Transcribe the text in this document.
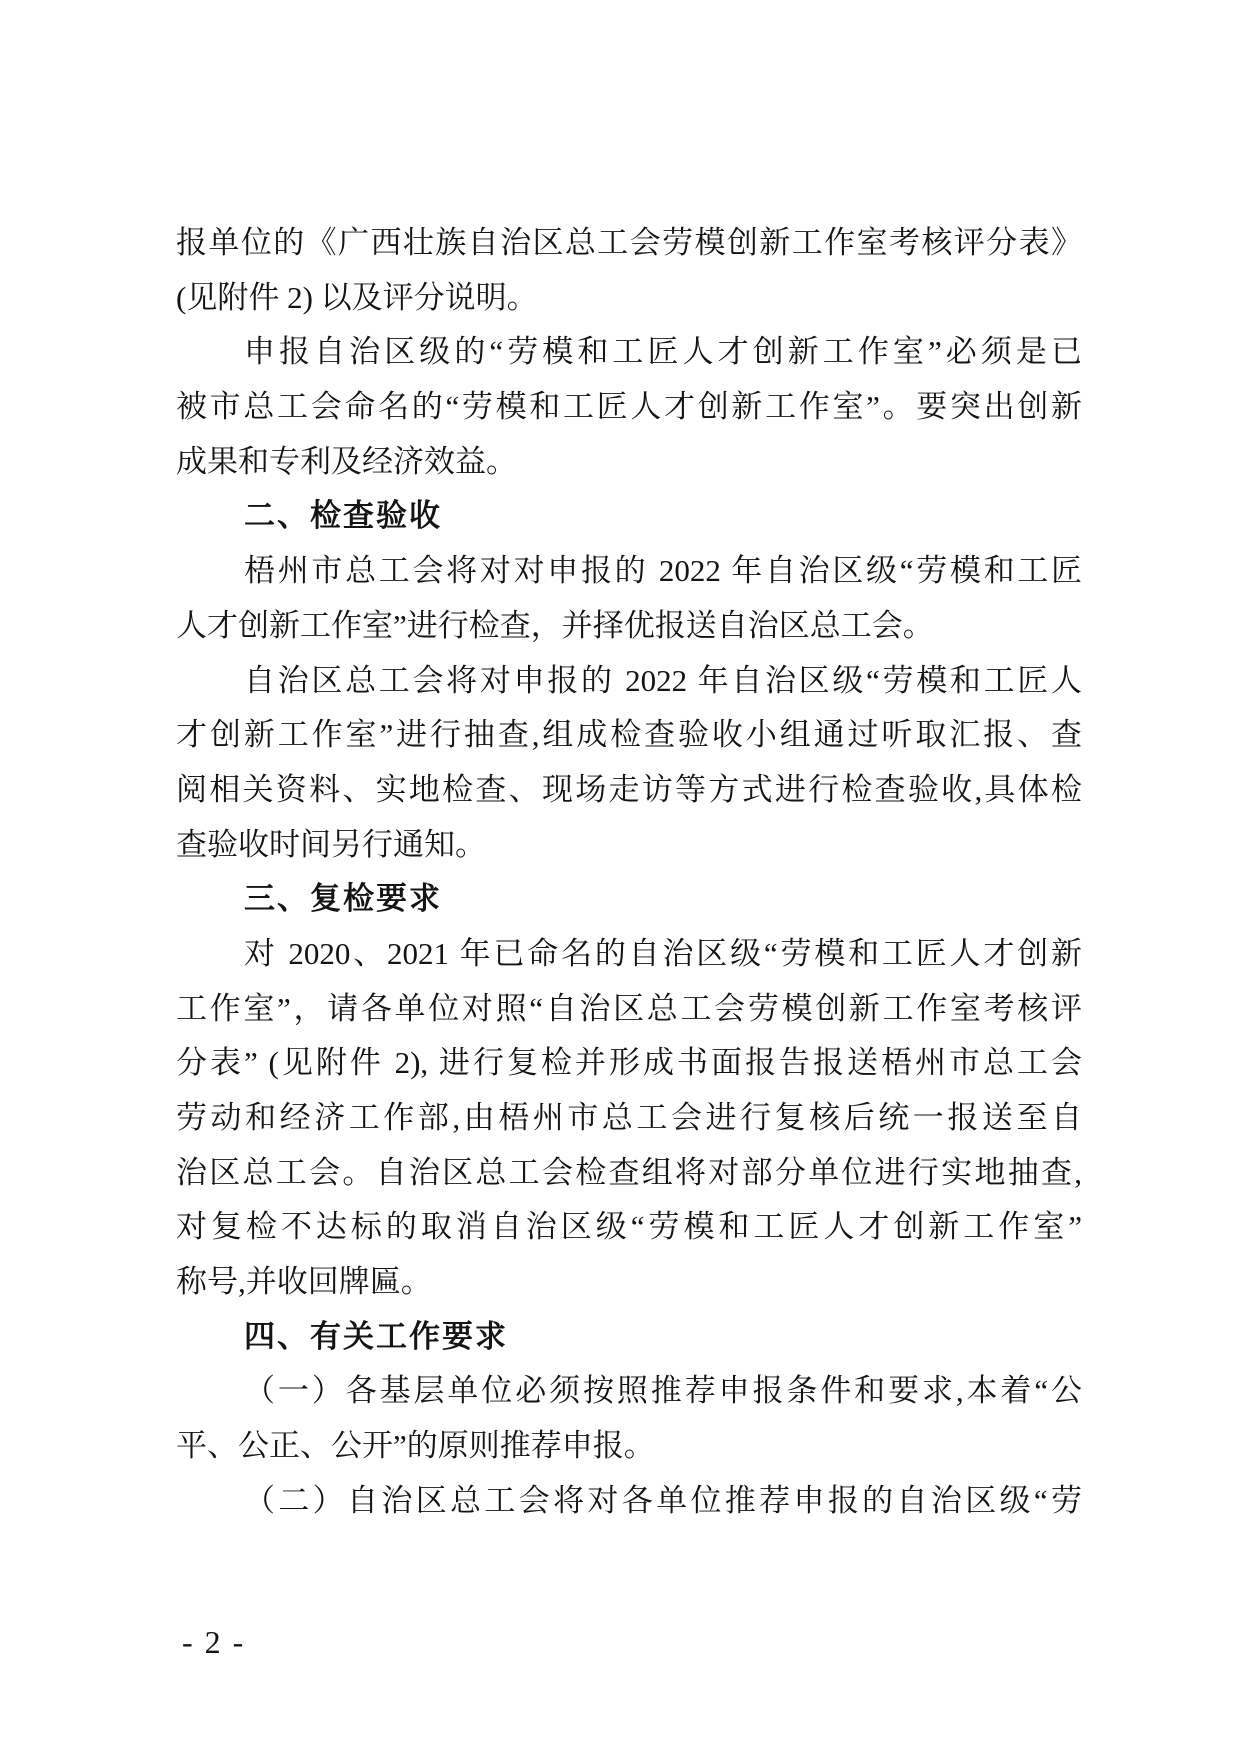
报单位的《广西壮族自治区总工会劳模创新工作室考核评分表》
(见附件 2) 以及评分说明。
申报自治区级的“劳模和工匠人才创新工作室”必须是已
被市总工会命名的“劳模和工匠人才创新工作室”。要突出创新
成果和专利及经济效益。
二、检查验收
梧州市总工会将对对申报的 2022 年自治区级“劳模和工匠
人才创新工作室”进行检查，并择优报送自治区总工会。
自治区总工会将对申报的 2022 年自治区级“劳模和工匠人
才创新工作室”进行抽查,组成检查验收小组通过听取汇报、查
阅相关资料、实地检查、现场走访等方式进行检查验收,具体检
查验收时间另行通知。
三、复检要求
对 2020、2021 年已命名的自治区级“劳模和工匠人才创新
工作室”，请各单位对照“自治区总工会劳模创新工作室考核评
分表” (见附件 2), 进行复检并形成书面报告报送梧州市总工会
劳动和经济工作部,由梧州市总工会进行复核后统一报送至自
治区总工会。自治区总工会检查组将对部分单位进行实地抽查,
对复检不达标的取消自治区级“劳模和工匠人才创新工作室”
称号,并收回牌匾。
四、有关工作要求
（一）各基层单位必须按照推荐申报条件和要求,本着“公
平、公正、公开”的原则推荐申报。
（二）自治区总工会将对各单位推荐申报的自治区级“劳
- 2 -
